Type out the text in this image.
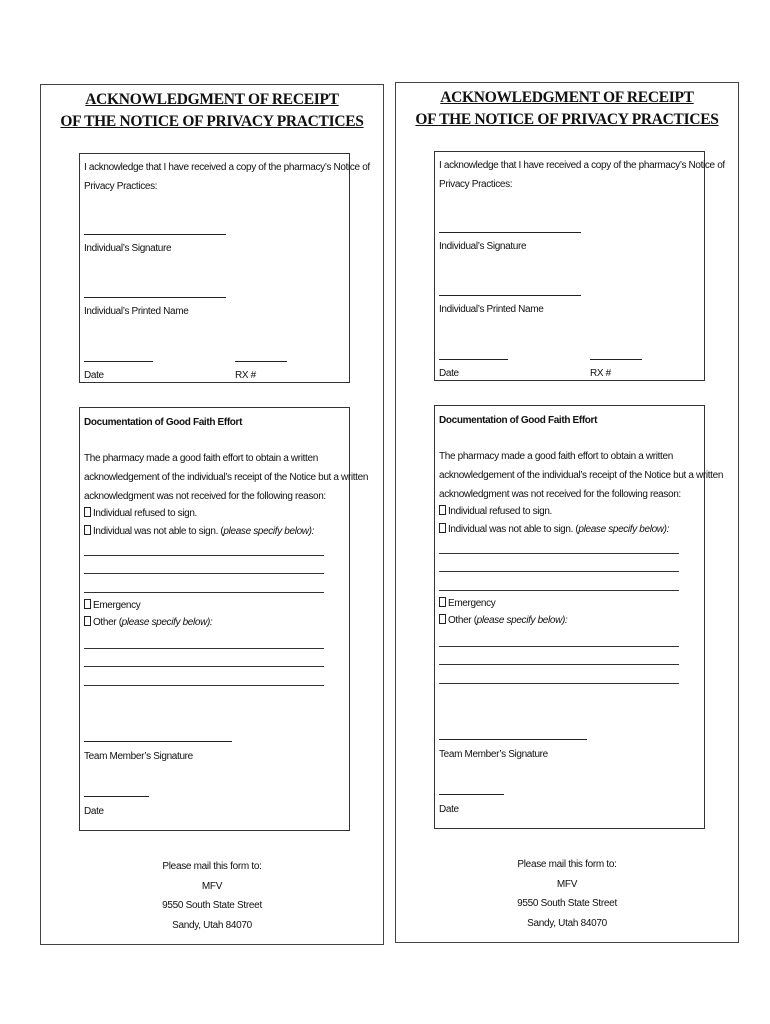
ACKNOWLEDGMENT OF RECEIPT
OF THE NOTICE OF PRIVACY PRACTICES
I acknowledge that I have received a copy of the pharmacy’s Notice of
Privacy Practices:
Individual’s Signature
Individual’s Printed Name
Date	RX #
Documentation of Good Faith Effort
The pharmacy made a good faith effort to obtain a written
acknowledgement of the individual’s receipt of the Notice but a written
acknowledgment was not received for the following reason:
Individual refused to sign.
Individual was not able to sign. (please specify below):
Emergency
Other (please specify below):
Team Member’s Signature
Date
Please mail this form to:
MFV
9550 South State Street
Sandy, Utah 84070
ACKNOWLEDGMENT OF RECEIPT
OF THE NOTICE OF PRIVACY PRACTICES
I acknowledge that I have received a copy of the pharmacy’s Notice of
Privacy Practices:
Individual’s Signature
Individual’s Printed Name
Date	RX #
Documentation of Good Faith Effort
The pharmacy made a good faith effort to obtain a written
acknowledgement of the individual’s receipt of the Notice but a written
acknowledgment was not received for the following reason:
Individual refused to sign.
Individual was not able to sign. (please specify below):
Emergency
Other (please specify below):
Team Member’s Signature
Date
Please mail this form to:
MFV
9550 South State Street
Sandy, Utah 84070
